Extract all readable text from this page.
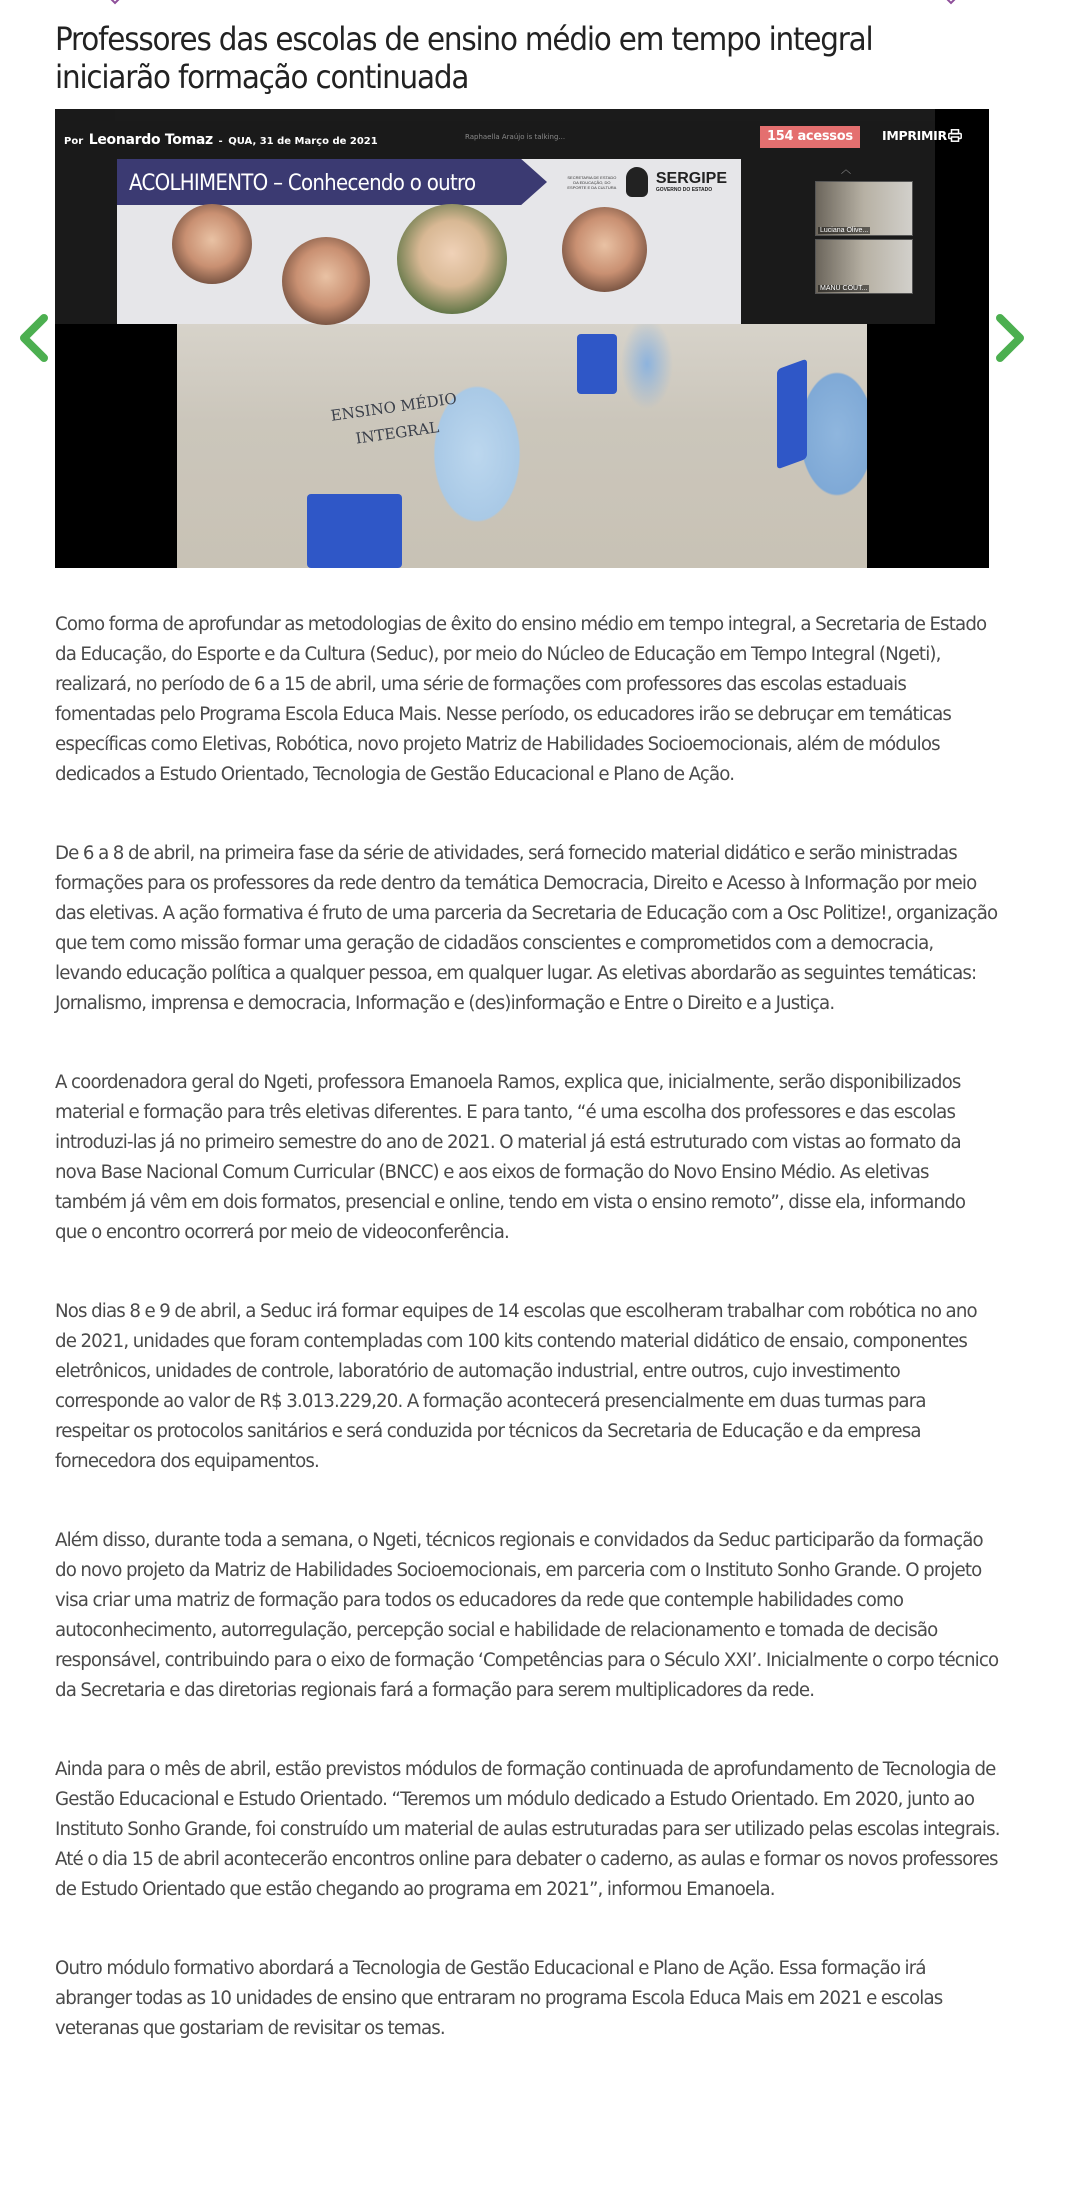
Professores das escolas de ensino médio em tempo integral iniciarão formação continuada
ENSINO MÉDIO
INTEGRAL
ACOLHIMENTO – Conhecendo o outro	SECRETARIA DE ESTADO DA EDUCAÇÃO, DO ESPORTE E DA CULTURA SERGIPE
GOVERNO DO ESTADO
Raphaella Araújo is talking...
︿
Luciana Olive...
MANU COUT...
Por Leonardo Tomaz - QUA, 31 de Março de 2021	154 acessos	IMPRIMIR

Como forma de aprofundar as metodologias de êxito do ensino médio em tempo integral, a Secretaria de Estado da Educação, do Esporte e da Cultura (Seduc), por meio do Núcleo de Educação em Tempo Integral (Ngeti), realizará, no período de 6 a 15 de abril, uma série de formações com professores das escolas estaduais fomentadas pelo Programa Escola Educa Mais. Nesse período, os educadores irão se debruçar em temáticas específicas como Eletivas, Robótica, novo projeto Matriz de Habilidades Socioemocionais, além de módulos dedicados a Estudo Orientado, Tecnologia de Gestão Educacional e Plano de Ação.

De 6 a 8 de abril, na primeira fase da série de atividades, será fornecido material didático e serão ministradas formações para os professores da rede dentro da temática Democracia, Direito e Acesso à Informação por meio das eletivas. A ação formativa é fruto de uma parceria da Secretaria de Educação com a Osc Politize!, organização que tem como missão formar uma geração de cidadãos conscientes e comprometidos com a democracia, levando educação política a qualquer pessoa, em qualquer lugar. As eletivas abordarão as seguintes temáticas: Jornalismo, imprensa e democracia, Informação e (des)informação e Entre o Direito e a Justiça.

A coordenadora geral do Ngeti, professora Emanoela Ramos, explica que, inicialmente, serão disponibilizados material e formação para três eletivas diferentes. E para tanto, “é uma escolha dos professores e das escolas introduzi-las já no primeiro semestre do ano de 2021. O material já está estruturado com vistas ao formato da nova Base Nacional Comum Curricular (BNCC) e aos eixos de formação do Novo Ensino Médio. As eletivas também já vêm em dois formatos, presencial e online, tendo em vista o ensino remoto”, disse ela, informando que o encontro ocorrerá por meio de videoconferência.

Nos dias 8 e 9 de abril, a Seduc irá formar equipes de 14 escolas que escolheram trabalhar com robótica no ano de 2021, unidades que foram contempladas com 100 kits contendo material didático de ensaio, componentes eletrônicos, unidades de controle, laboratório de automação industrial, entre outros, cujo investimento corresponde ao valor de R$ 3.013.229,20. A formação acontecerá presencialmente em duas turmas para respeitar os protocolos sanitários e será conduzida por técnicos da Secretaria de Educação e da empresa fornecedora dos equipamentos.

Além disso, durante toda a semana, o Ngeti, técnicos regionais e convidados da Seduc participarão da formação do novo projeto da Matriz de Habilidades Socioemocionais, em parceria com o Instituto Sonho Grande. O projeto visa criar uma matriz de formação para todos os educadores da rede que contemple habilidades como autoconhecimento, autorregulação, percepção social e habilidade de relacionamento e tomada de decisão responsável, contribuindo para o eixo de formação ‘Competências para o Século XXI’. Inicialmente o corpo técnico da Secretaria e das diretorias regionais fará a formação para serem multiplicadores da rede.

Ainda para o mês de abril, estão previstos módulos de formação continuada de aprofundamento de Tecnologia de Gestão Educacional e Estudo Orientado. “Teremos um módulo dedicado a Estudo Orientado. Em 2020, junto ao Instituto Sonho Grande, foi construído um material de aulas estruturadas para ser utilizado pelas escolas integrais. Até o dia 15 de abril acontecerão encontros online para debater o caderno, as aulas e formar os novos professores de Estudo Orientado que estão chegando ao programa em 2021”, informou Emanoela.

Outro módulo formativo abordará a Tecnologia de Gestão Educacional e Plano de Ação. Essa formação irá abranger todas as 10 unidades de ensino que entraram no programa Escola Educa Mais em 2021 e escolas veteranas que gostariam de revisitar os temas.
